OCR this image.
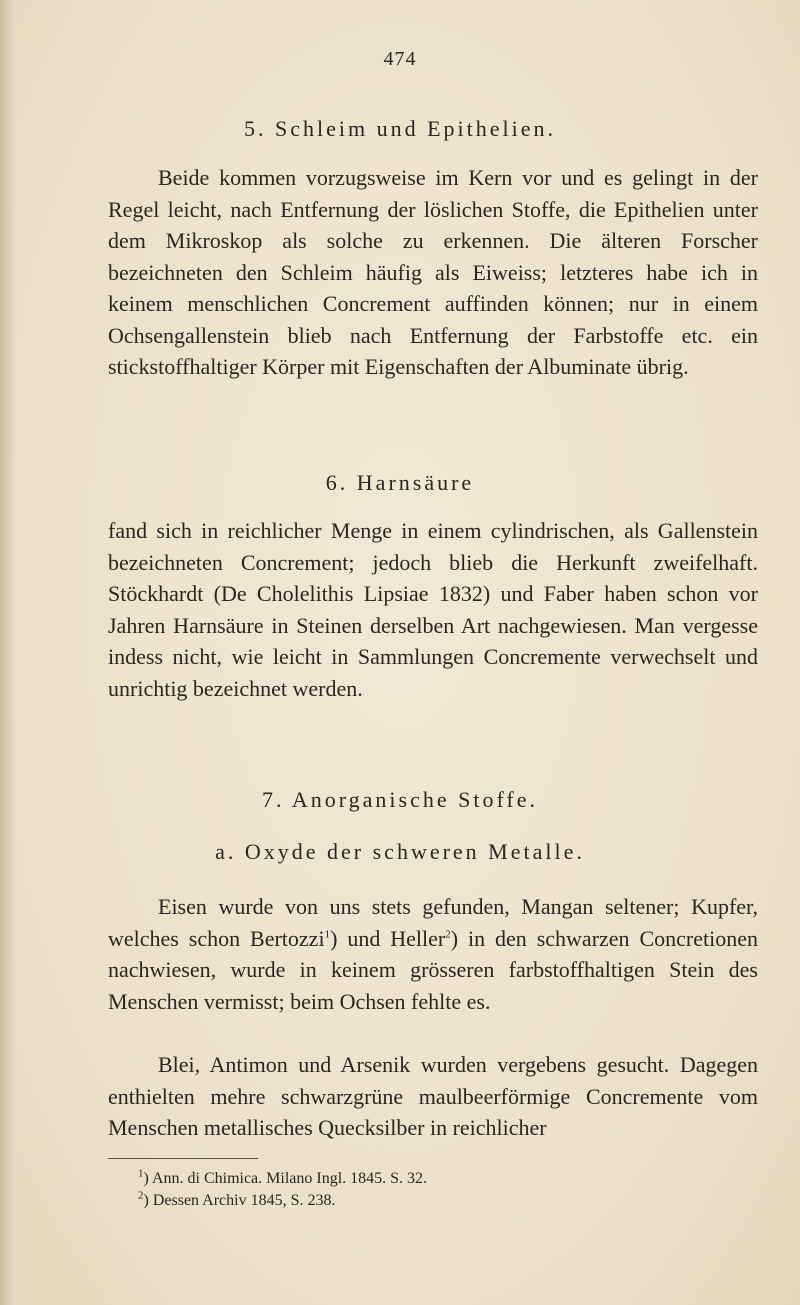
474
5. Schleim und Epithelien.

Beide kommen vorzugsweise im Kern vor und es gelingt in der Regel leicht, nach Entfernung der löslichen Stoffe, die Epithelien unter dem Mikroskop als solche zu erkennen. Die älteren Forscher bezeichneten den Schleim häufig als Eiweiss; letzteres habe ich in keinem menschlichen Concrement auffinden können; nur in einem Ochsengallenstein blieb nach Entfernung der Farbstoffe etc. ein stickstoffhaltiger Körper mit Eigenschaften der Albuminate übrig.

6. Harnsäure

fand sich in reichlicher Menge in einem cylindrischen, als Gallenstein bezeichneten Concrement; jedoch blieb die Herkunft zweifelhaft. Stöckhardt (De Cholelithis Lipsiae 1832) und Faber haben schon vor Jahren Harnsäure in Steinen derselben Art nachgewiesen. Man vergesse indess nicht, wie leicht in Sammlungen Concremente verwechselt und unrichtig bezeichnet werden.

7. Anorganische Stoffe.
a. Oxyde der schweren Metalle.

Eisen wurde von uns stets gefunden, Mangan seltener; Kupfer, welches schon Bertozzi$^1$) und Heller$^2$) in den schwarzen Concretionen nachwiesen, wurde in keinem grösseren farbstoffhaltigen Stein des Menschen vermisst; beim Ochsen fehlte es.

Blei, Antimon und Arsenik wurden vergebens gesucht. Dagegen enthielten mehre schwarzgrüne maulbeerförmige Concremente vom Menschen metallisches Quecksilber in reichlicher

$^1$) Ann. di Chimica. Milano Ingl. 1845. S. 32.
$^2$) Dessen Archiv 1845, S. 238.
